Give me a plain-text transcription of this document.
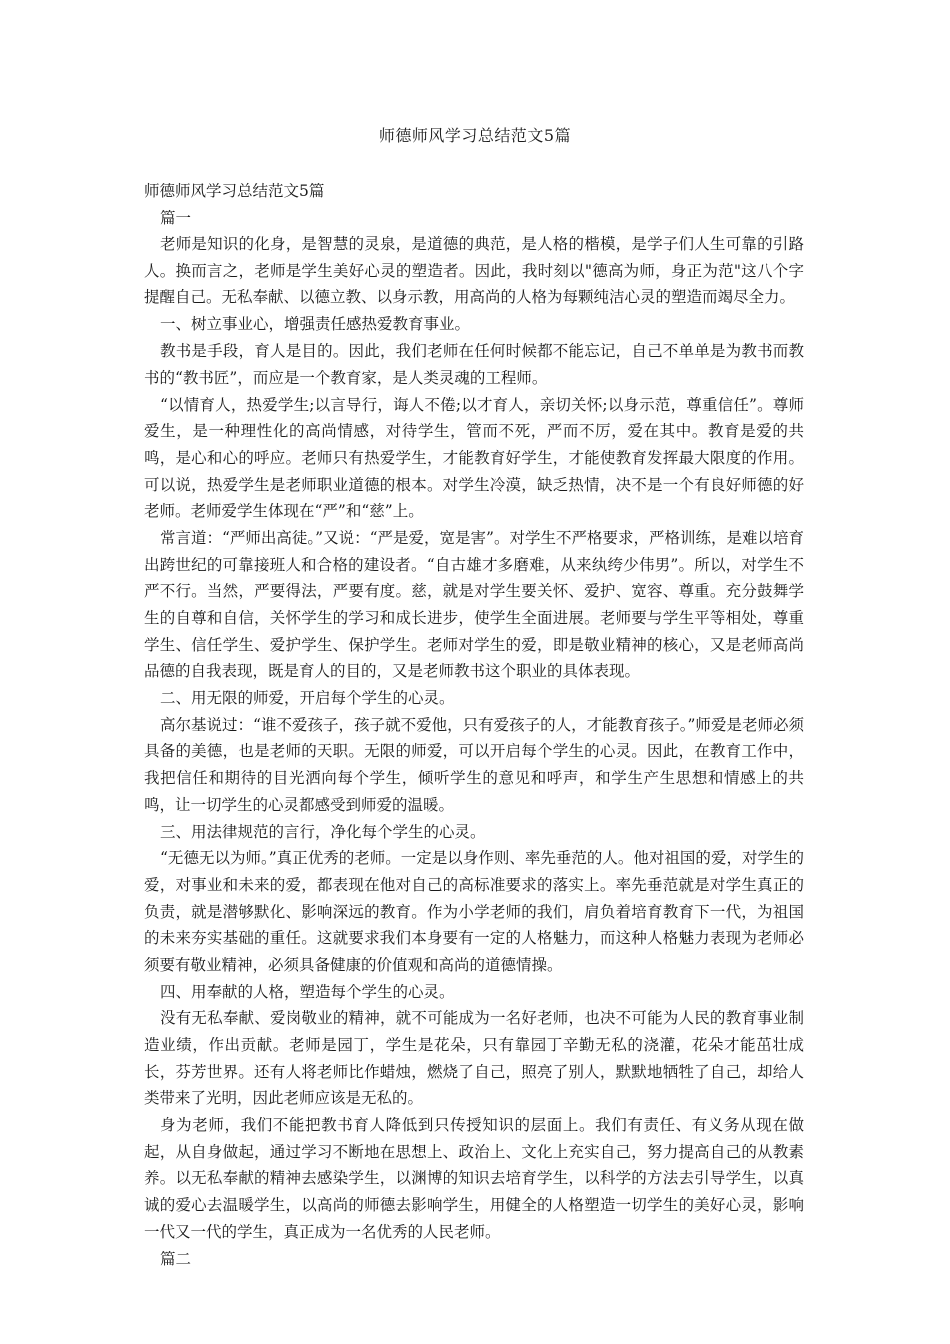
师德师风学习总结范文5篇

师德师风学习总结范文5篇

篇一

老师是知识的化身，是智慧的灵泉，是道德的典范，是人格的楷模，是学子们人生可靠的引路人。换而言之，老师是学生美好心灵的塑造者。因此，我时刻以"德高为师，身正为范"这八个字提醒自己。无私奉献、以德立教、以身示教，用高尚的人格为每颗纯洁心灵的塑造而竭尽全力。

一、树立事业心，增强责任感热爱教育事业。

教书是手段，育人是目的。因此，我们老师在任何时候都不能忘记，自己不单单是为教书而教书的“教书匠”，而应是一个教育家，是人类灵魂的工程师。

“以情育人，热爱学生;以言导行，诲人不倦;以才育人，亲切关怀;以身示范，尊重信任”。尊师爱生，是一种理性化的高尚情感，对待学生，管而不死，严而不厉，爱在其中。教育是爱的共鸣，是心和心的呼应。老师只有热爱学生，才能教育好学生，才能使教育发挥最大限度的作用。可以说，热爱学生是老师职业道德的根本。对学生冷漠，缺乏热情，决不是一个有良好师德的好老师。老师爱学生体现在“严”和“慈”上。

常言道：“严师出高徒。”又说：“严是爱，宽是害”。对学生不严格要求，严格训练，是难以培育出跨世纪的可靠接班人和合格的建设者。“自古雄才多磨难，从来纨绔少伟男”。所以，对学生不严不行。当然，严要得法，严要有度。慈，就是对学生要关怀、爱护、宽容、尊重。充分鼓舞学生的自尊和自信，关怀学生的学习和成长进步，使学生全面进展。老师要与学生平等相处，尊重学生、信任学生、爱护学生、保护学生。老师对学生的爱，即是敬业精神的核心，又是老师高尚品德的自我表现，既是育人的目的，又是老师教书这个职业的具体表现。

二、用无限的师爱，开启每个学生的心灵。

高尔基说过：“谁不爱孩子，孩子就不爱他，只有爱孩子的人，才能教育孩子。”师爱是老师必须具备的美德，也是老师的天职。无限的师爱，可以开启每个学生的心灵。因此，在教育工作中，我把信任和期待的目光洒向每个学生，倾听学生的意见和呼声，和学生产生思想和情感上的共鸣，让一切学生的心灵都感受到师爱的温暖。

三、用法律规范的言行，净化每个学生的心灵。

“无德无以为师。”真正优秀的老师。一定是以身作则、率先垂范的人。他对祖国的爱，对学生的爱，对事业和未来的爱，都表现在他对自己的高标准要求的落实上。率先垂范就是对学生真正的负责，就是潜够默化、影响深远的教育。作为小学老师的我们，肩负着培育教育下一代，为祖国的未来夯实基础的重任。这就要求我们本身要有一定的人格魅力，而这种人格魅力表现为老师必须要有敬业精神，必须具备健康的价值观和高尚的道德情操。

四、用奉献的人格，塑造每个学生的心灵。

没有无私奉献、爱岗敬业的精神，就不可能成为一名好老师，也决不可能为人民的教育事业制造业绩，作出贡献。老师是园丁，学生是花朵，只有靠园丁辛勤无私的浇灌，花朵才能茁壮成长，芬芳世界。还有人将老师比作蜡烛，燃烧了自己，照亮了别人，默默地牺牲了自己，却给人类带来了光明，因此老师应该是无私的。

身为老师，我们不能把教书育人降低到只传授知识的层面上。我们有责任、有义务从现在做起，从自身做起，通过学习不断地在思想上、政治上、文化上充实自己，努力提高自己的从教素养。以无私奉献的精神去感染学生，以渊博的知识去培育学生，以科学的方法去引导学生，以真诚的爱心去温暖学生，以高尚的师德去影响学生，用健全的人格塑造一切学生的美好心灵，影响一代又一代的学生，真正成为一名优秀的人民老师。

篇二
